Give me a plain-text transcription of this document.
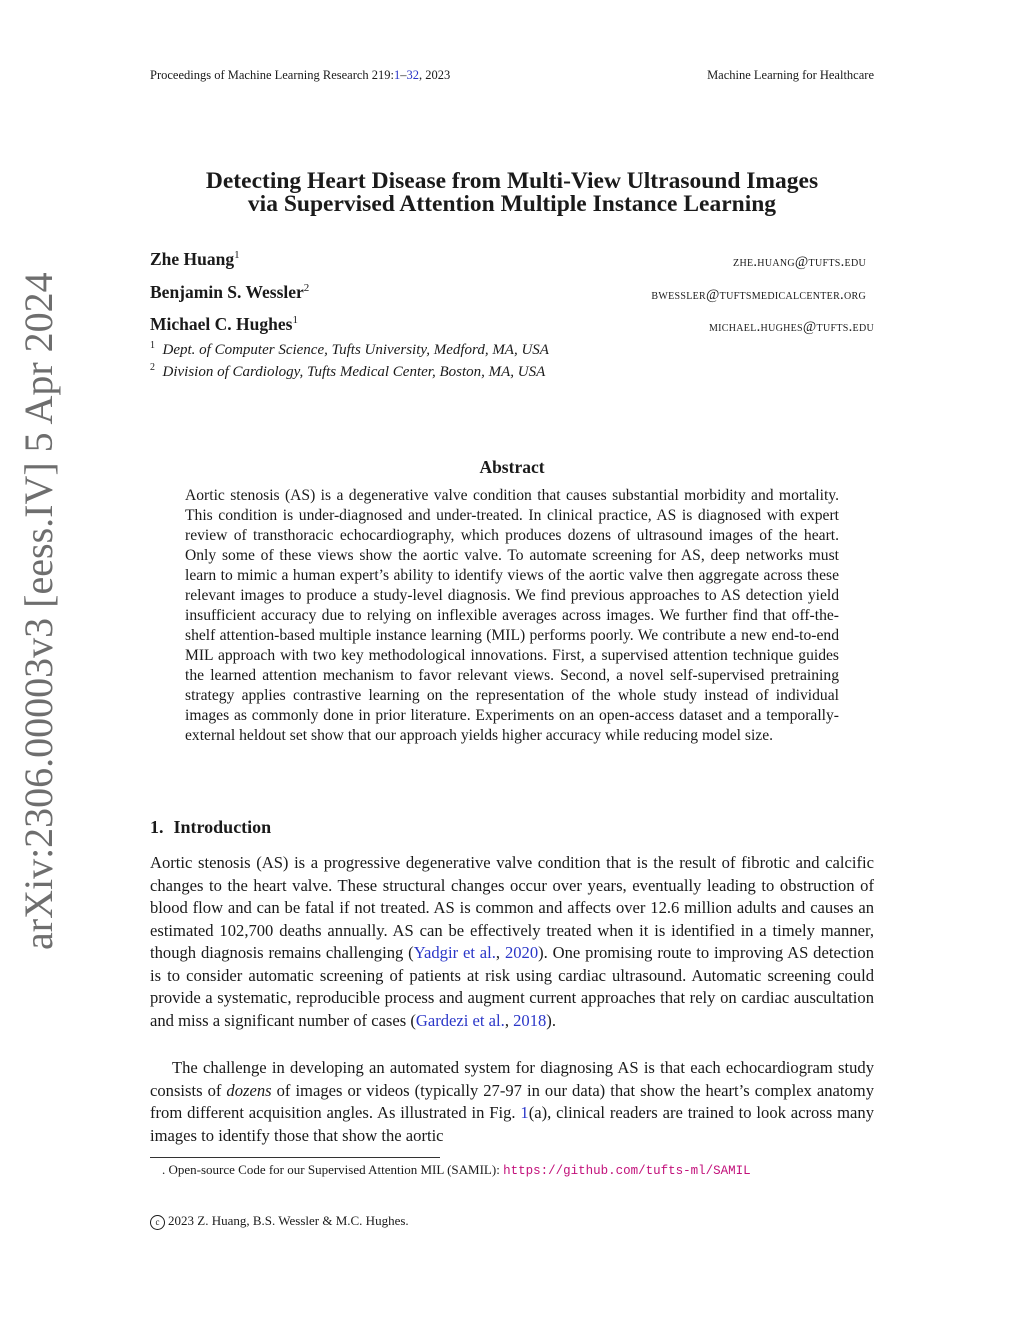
Proceedings of Machine Learning Research 219:1–32, 2023	Machine Learning for Healthcare
arXiv:2306.00003v3 [eess.IV] 5 Apr 2024
Detecting Heart Disease from Multi-View Ultrasound Images
via Supervised Attention Multiple Instance Learning
Zhe Huang$^1$	zhe.huang@tufts.edu
Benjamin S. Wessler$^2$	bwessler@tuftsmedicalcenter.org
Michael C. Hughes$^1$	michael.hughes@tufts.edu
$^1$ Dept. of Computer Science, Tufts University, Medford, MA, USA
$^2$ Division of Cardiology, Tufts Medical Center, Boston, MA, USA
Abstract
Aortic stenosis (AS) is a degenerative valve condition that causes substantial morbidity and mortality. This condition is under-diagnosed and under-treated. In clinical practice, AS is diagnosed with expert review of transthoracic echocardiography, which produces dozens of ultrasound images of the heart. Only some of these views show the aortic valve. To automate screening for AS, deep networks must learn to mimic a human expert’s ability to identify views of the aortic valve then aggregate across these relevant images to produce a study-level diagnosis. We find previous approaches to AS detection yield insufficient accuracy due to relying on inflexible averages across images. We further find that off-the-shelf attention-based multiple instance learning (MIL) performs poorly. We contribute a new end-to-end MIL approach with two key methodological innovations. First, a supervised attention technique guides the learned attention mechanism to favor relevant views. Second, a novel self-supervised pretraining strategy applies contrastive learning on the representation of the whole study instead of individual images as commonly done in prior literature. Experiments on an open-access dataset and a temporally-external heldout set show that our approach yields higher accuracy while reducing model size.
1. Introduction
Aortic stenosis (AS) is a progressive degenerative valve condition that is the result of fibrotic and calcific changes to the heart valve. These structural changes occur over years, eventually leading to obstruction of blood flow and can be fatal if not treated. AS is common and affects over 12.6 million adults and causes an estimated 102,700 deaths annually. AS can be effectively treated when it is identified in a timely manner, though diagnosis remains challenging (Yadgir et al., 2020). One promising route to improving AS detection is to consider automatic screening of patients at risk using cardiac ultrasound. Automatic screening could provide a systematic, reproducible process and augment current approaches that rely on cardiac auscultation and miss a significant number of cases (Gardezi et al., 2018).
The challenge in developing an automated system for diagnosing AS is that each echocardiogram study consists of dozens of images or videos (typically 27-97 in our data) that show the heart’s complex anatomy from different acquisition angles. As illustrated in Fig. 1(a), clinical readers are trained to look across many images to identify those that show the aortic
. Open-source Code for our Supervised Attention MIL (SAMIL): https://github.com/tufts-ml/SAMIL
c 2023 Z. Huang, B.S. Wessler & M.C. Hughes.
